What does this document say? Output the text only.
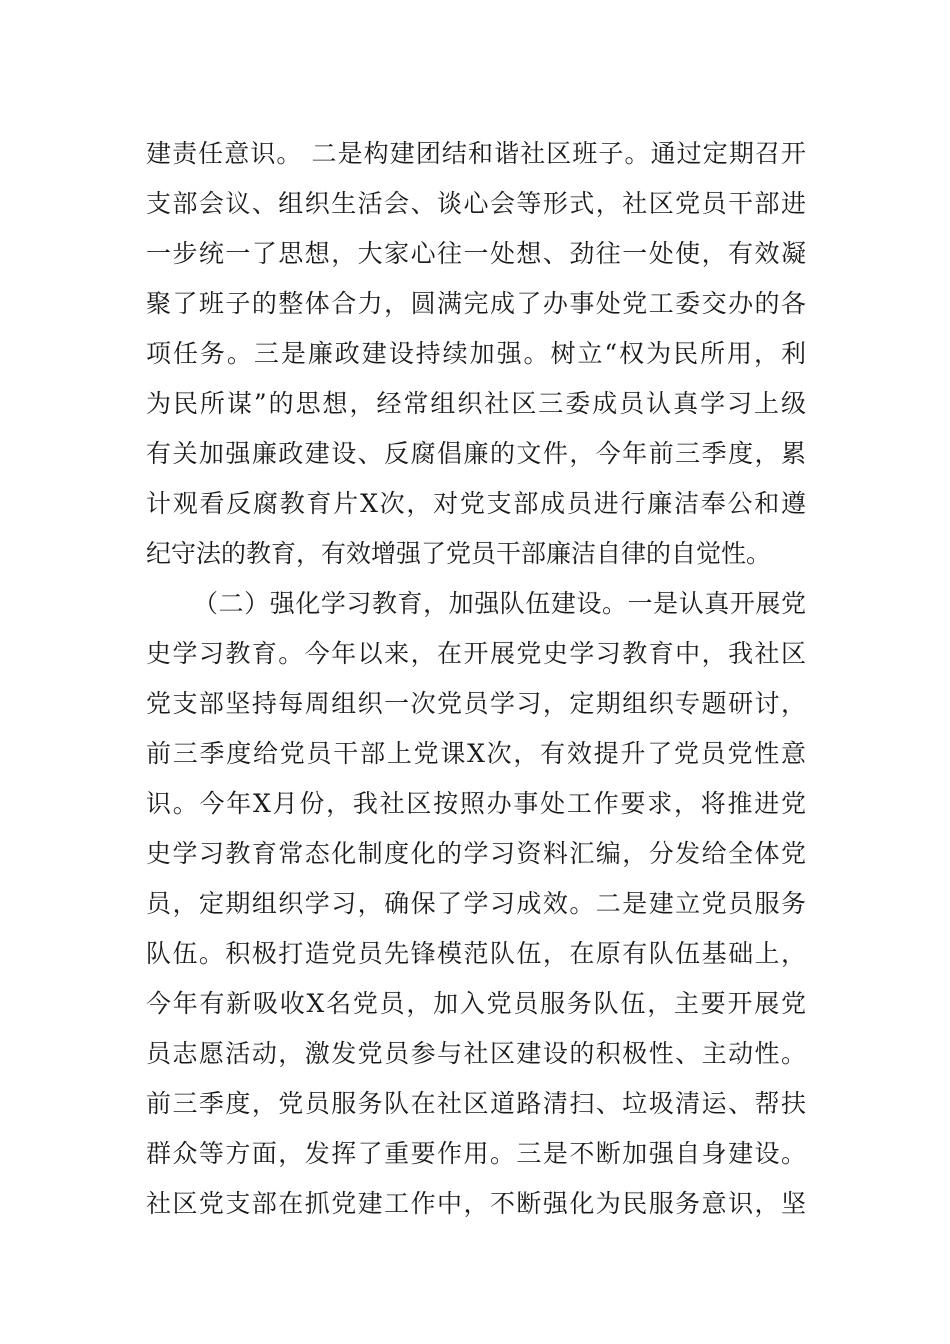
建责任意识。 二是构建团结和谐社区班子。通过定期召开
支部会议、组织生活会、谈心会等形式，社区党员干部进
一步统一了思想，大家心往一处想、劲往一处使，有效凝
聚了班子的整体合力，圆满完成了办事处党工委交办的各
项任务。三是廉政建设持续加强。树立“权为民所用，利
为民所谋”的思想，经常组织社区三委成员认真学习上级
有关加强廉政建设、反腐倡廉的文件，今年前三季度，累
计观看反腐教育片X次，对党支部成员进行廉洁奉公和遵
纪守法的教育，有效增强了党员干部廉洁自律的自觉性。
（二）强化学习教育，加强队伍建设。一是认真开展党
史学习教育。今年以来，在开展党史学习教育中，我社区
党支部坚持每周组织一次党员学习，定期组织专题研讨，
前三季度给党员干部上党课X次，有效提升了党员党性意
识。今年X月份，我社区按照办事处工作要求，将推进党
史学习教育常态化制度化的学习资料汇编，分发给全体党
员，定期组织学习，确保了学习成效。二是建立党员服务
队伍。积极打造党员先锋模范队伍，在原有队伍基础上，
今年有新吸收X名党员，加入党员服务队伍，主要开展党
员志愿活动，激发党员参与社区建设的积极性、主动性。
前三季度，党员服务队在社区道路清扫、垃圾清运、帮扶
群众等方面，发挥了重要作用。三是不断加强自身建设。
社区党支部在抓党建工作中，不断强化为民服务意识，坚
